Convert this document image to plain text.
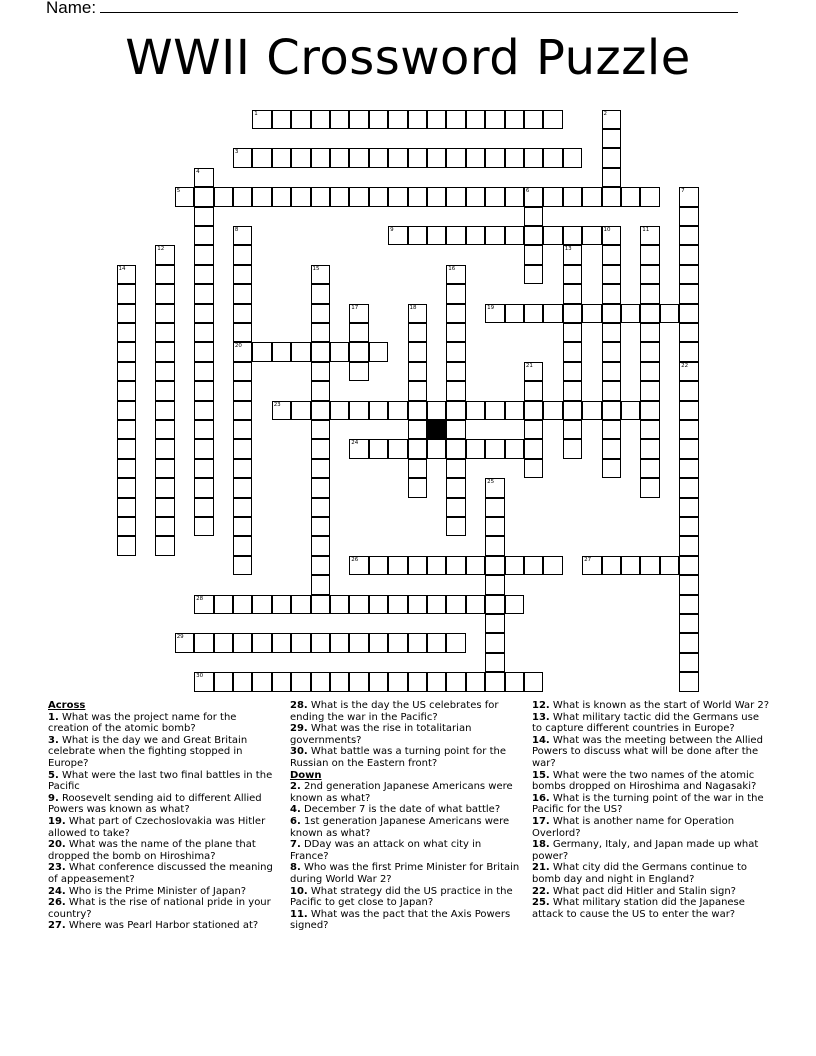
Name:
WWII Crossword Puzzle
1
3
5	6
9	10
19
20
23
24
26	27
28
29
30
2
4
7
22
8	11
12	13
14	15	16
17	18
21
25
Across
1. What was the project name for the creation of the atomic bomb?
3. What is the day we and Great Britain celebrate when the fighting stopped in Europe?
5. What were the last two final battles in the Pacific
9. Roosevelt sending aid to different Allied Powers was known as what?
19. What part of Czechoslovakia was Hitler allowed to take?
20. What was the name of the plane that dropped the bomb on Hiroshima?
23. What conference discussed the meaning of appeasement?
24. Who is the Prime Minister of Japan?
26. What is the rise of national pride in your country?
27. Where was Pearl Harbor stationed at?
28. What is the day the US celebrates for ending the war in the Pacific?
29. What was the rise in totalitarian governments?
30. What battle was a turning point for the Russian on the Eastern front?
Down
2. 2nd generation Japanese Americans were known as what?
4. December 7 is the date of what battle?
6. 1st generation Japanese Americans were known as what?
7. DDay was an attack on what city in France?
8. Who was the first Prime Minister for Britain during World War 2?
10. What strategy did the US practice in the Pacific to get close to Japan?
11. What was the pact that the Axis Powers signed?
12. What is known as the start of World War 2?
13. What military tactic did the Germans use to capture different countries in Europe?
14. What was the meeting between the Allied Powers to discuss what will be done after the war?
15. What were the two names of the atomic bombs dropped on Hiroshima and Nagasaki?
16. What is the turning point of the war in the Pacific for the US?
17. What is another name for Operation Overlord?
18. Germany, Italy, and Japan made up what power?
21. What city did the Germans continue to bomb day and night in England?
22. What pact did Hitler and Stalin sign?
25. What military station did the Japanese attack to cause the US to enter the war?
